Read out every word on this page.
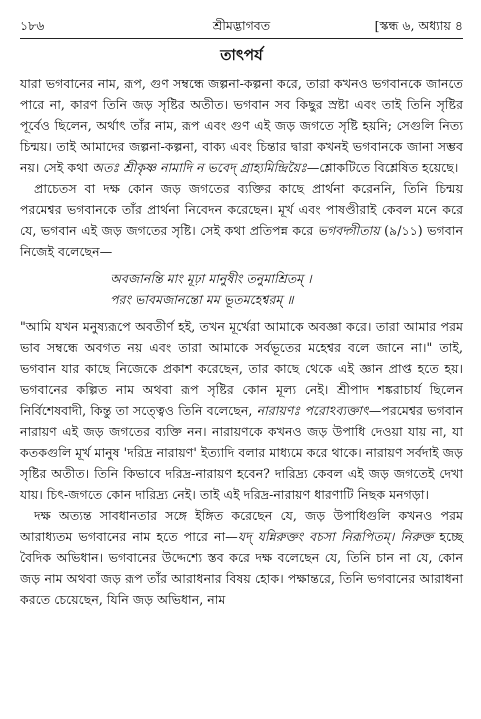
১৮৬	শ্রীমদ্ভাগবত	[স্কন্ধ ৬, অধ্যায় ৪
তাৎপর্য

যারা ভগবানের নাম, রূপ, গুণ সম্বন্ধে জল্পনা-কল্পনা করে, তারা কখনও ভগবানকে জানতে পারে না, কারণ তিনি জড় সৃষ্টির অতীত। ভগবান সব কিছুর স্রষ্টা এবং তাই তিনি সৃষ্টির পূর্বেও ছিলেন, অর্থাৎ তাঁর নাম, রূপ এবং গুণ এই জড় জগতে সৃষ্টি হয়নি; সেগুলি নিত্য চিন্ময়। তাই আমাদের জল্পনা-কল্পনা, বাক্য এবং চিন্তার দ্বারা কখনই ভগবানকে জানা সম্ভব নয়। সেই কথা অতঃ শ্রীকৃষ্ণ নামাদি ন ভবেদ্ গ্রাহ্যমিন্দ্রিয়ৈঃ—শ্লোকটিতে বিশ্লেষিত হয়েছে।

প্রাচেতস বা দক্ষ কোন জড় জগতের ব্যক্তির কাছে প্রার্থনা করেননি, তিনি চিন্ময় পরমেশ্বর ভগবানকে তাঁর প্রার্থনা নিবেদন করেছেন। মূর্খ এবং পাষণ্ডীরাই কেবল মনে করে যে, ভগবান এই জড় জগতের সৃষ্টি। সেই কথা প্রতিপন্ন করে ভগবদ্গীতায় (৯/১১) ভগবান নিজেই বলেছেন—

অবজানন্তি মাং মূঢ়া মানুষীং তনুমাশ্রিতম্ ।
পরং ভাবমজানন্তো মম ভূতমহেশ্বরম্ ॥

"আমি যখন মনুষ্যরূপে অবতীর্ণ হই, তখন মূর্খেরা আমাকে অবজ্ঞা করে। তারা আমার পরম ভাব সম্বন্ধে অবগত নয় এবং তারা আমাকে সর্বভূতের মহেশ্বর বলে জানে না।" তাই, ভগবান যার কাছে নিজেকে প্রকাশ করেছেন, তার কাছে থেকে এই জ্ঞান প্রাপ্ত হতে হয়। ভগবানের কল্পিত নাম অথবা রূপ সৃষ্টির কোন মূল্য নেই। শ্রীপাদ শঙ্করাচার্য ছিলেন নির্বিশেষবাদী, কিন্তু তা সত্ত্বেও তিনি বলেছেন, নারায়ণঃ পরোঽব্যক্তাৎ—পরমেশ্বর ভগবান নারায়ণ এই জড় জগতের ব্যক্তি নন। নারায়ণকে কখনও জড় উপাধি দেওয়া যায় না, যা কতকগুলি মূর্খ মানুষ 'দরিদ্র নারায়ণ' ইত্যাদি বলার মাধ্যমে করে থাকে। নারায়ণ সর্বদাই জড় সৃষ্টির অতীত। তিনি কিভাবে দরিদ্র-নারায়ণ হবেন? দারিদ্র্য কেবল এই জড় জগতেই দেখা যায়। চিৎ-জগতে কোন দারিদ্র্য নেই। তাই এই দরিদ্র-নারায়ণ ধারণাটি নিছক মনগড়া।

দক্ষ অত্যন্ত সাবধানতার সঙ্গে ইঙ্গিত করেছেন যে, জড় উপাধিগুলি কখনও পরম আরাধ্যতম ভগবানের নাম হতে পারে না—যদ্ যন্নিরুক্তং বচসা নিরূপিতম্। নিরুক্ত হচ্ছে বৈদিক অভিধান। ভগবানের উদ্দেশ্যে স্তব করে দক্ষ বলেছেন যে, তিনি চান না যে, কোন জড় নাম অথবা জড় রূপ তাঁর আরাধনার বিষয় হোক। পক্ষান্তরে, তিনি ভগবানের আরাধনা করতে চেয়েছেন, যিনি জড় অভিধান, নাম
